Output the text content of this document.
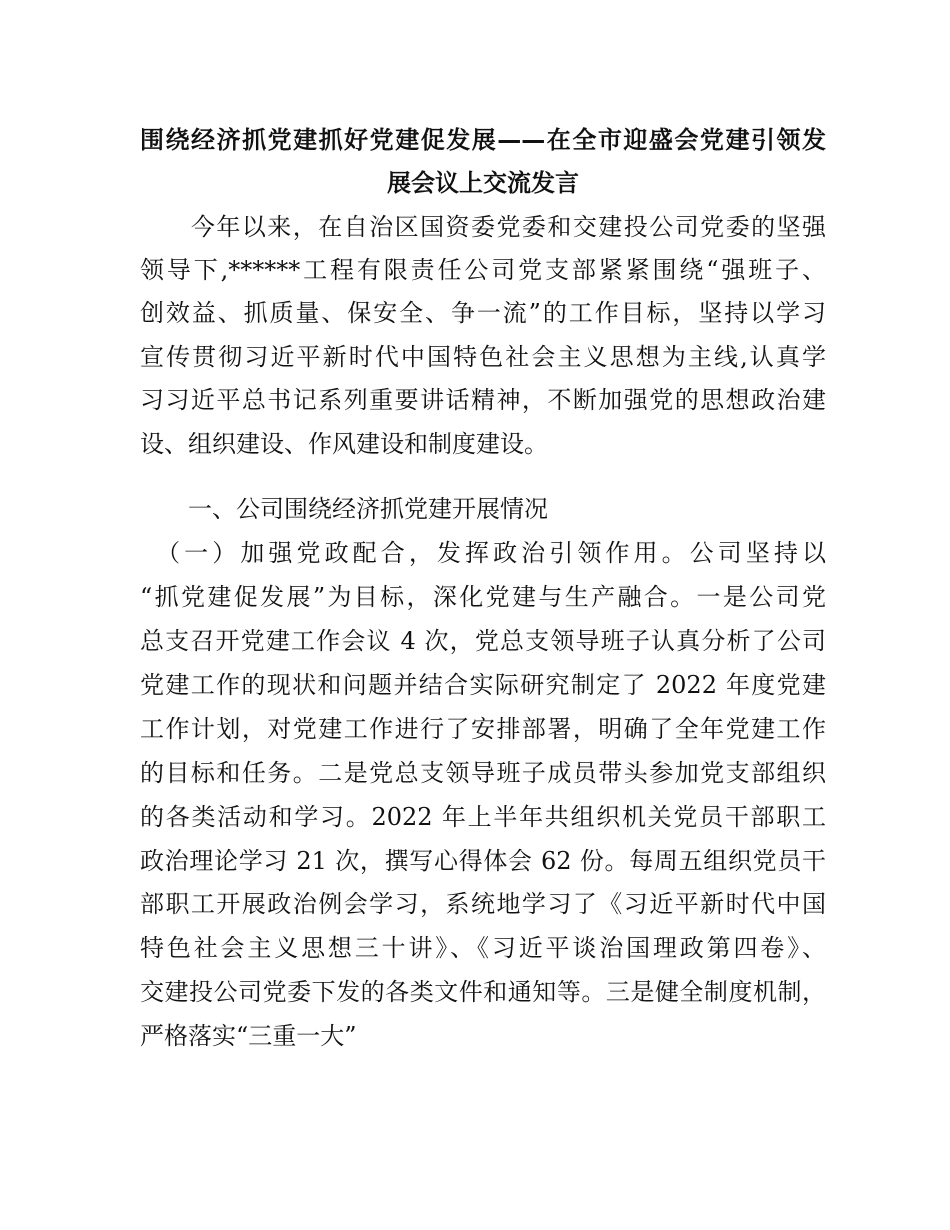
围绕经济抓党建抓好党建促发展——在全市迎盛会党建引领发
展会议上交流发言
　　今年以来，在自治区国资委党委和交建投公司党委的坚强
领导下,******工程有限责任公司党支部紧紧围绕“强班子、
创效益、抓质量、保安全、争一流”的工作目标，坚持以学习
宣传贯彻习近平新时代中国特色社会主义思想为主线,认真学
习习近平总书记系列重要讲话精神，不断加强党的思想政治建
设、组织建设、作风建设和制度建设。
　　一、公司围绕经济抓党建开展情况
　（一）加强党政配合，发挥政治引领作用。公司坚持以
“抓党建促发展”为目标，深化党建与生产融合。一是公司党
总支召开党建工作会议 4 次，党总支领导班子认真分析了公司
党建工作的现状和问题并结合实际研究制定了 2022 年度党建
工作计划，对党建工作进行了安排部署，明确了全年党建工作
的目标和任务。二是党总支领导班子成员带头参加党支部组织
的各类活动和学习。2022 年上半年共组织机关党员干部职工
政治理论学习 21 次，撰写心得体会 62 份。每周五组织党员干
部职工开展政治例会学习，系统地学习了《习近平新时代中国
特色社会主义思想三十讲》、《习近平谈治国理政第四卷》、
交建投公司党委下发的各类文件和通知等。三是健全制度机制，
严格落实“三重一大”
